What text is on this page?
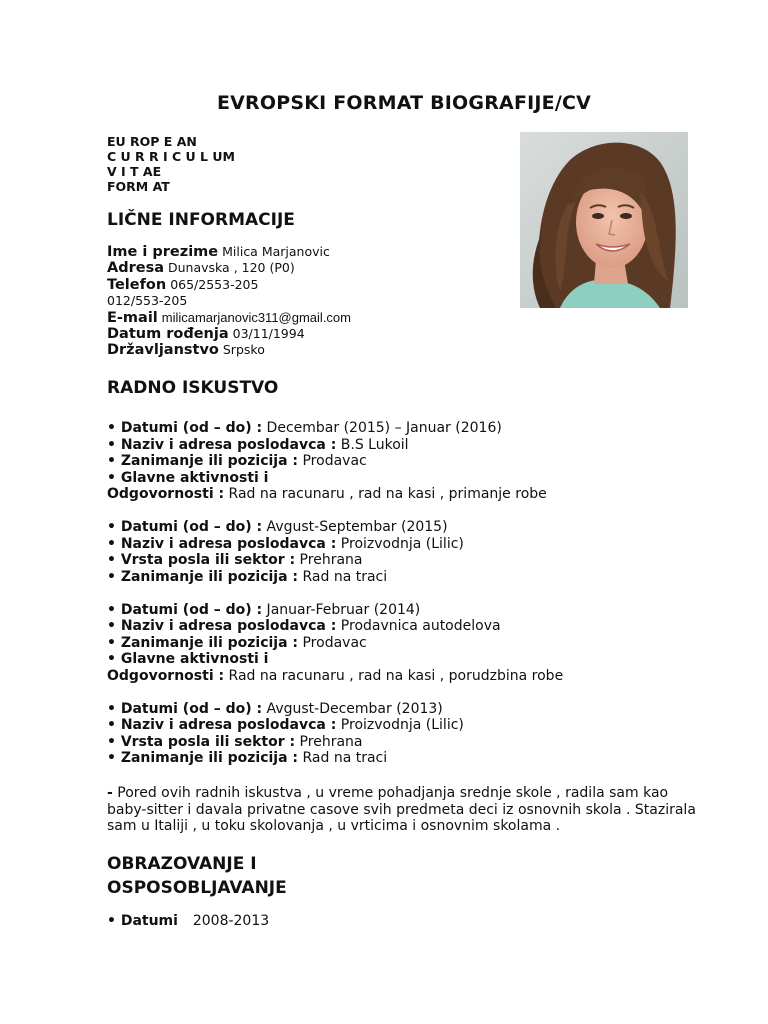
EVROPSKI FORMAT BIOGRAFIJE/CV
EU ROP E AN
C U R R I C U L UM
V I T AE
FORM AT
LIČNE INFORMACIJE
Ime i prezime Milica Marjanovic
Adresa Dunavska , 120 (P0)
Telefon 065/2553-205
012/553-205
E-mail milicamarjanovic311@gmail.com
Datum rođenja 03/11/1994
Državljanstvo Srpsko
RADNO ISKUSTVO
• Datumi (od – do) : Decembar (2015) – Januar (2016)
• Naziv i adresa poslodavca : B.S Lukoil
• Zanimanje ili pozicija : Prodavac
• Glavne aktivnosti i
Odgovornosti : Rad na racunaru , rad na kasi , primanje robe
• Datumi (od – do) : Avgust-Septembar (2015)
• Naziv i adresa poslodavca : Proizvodnja (Lilic)
• Vrsta posla ili sektor : Prehrana
• Zanimanje ili pozicija : Rad na traci
• Datumi (od – do) : Januar-Februar (2014)
• Naziv i adresa poslodavca : Prodavnica autodelova
• Zanimanje ili pozicija : Prodavac
• Glavne aktivnosti i
Odgovornosti : Rad na racunaru , rad na kasi , porudzbina robe
• Datumi (od – do) : Avgust-Decembar (2013)
• Naziv i adresa poslodavca : Proizvodnja (Lilic)
• Vrsta posla ili sektor : Prehrana
• Zanimanje ili pozicija : Rad na traci
- Pored ovih radnih iskustva , u vreme pohadjanja srednje skole , radila sam kao baby-sitter i davala privatne casove svih predmeta deci iz osnovnih skola . Stazirala sam u Italiji , u toku skolovanja , u vrticima i osnovnim skolama .
OBRAZOVANJE I
OSPOSOBLJAVANJE
• Datumi 2008-2013
